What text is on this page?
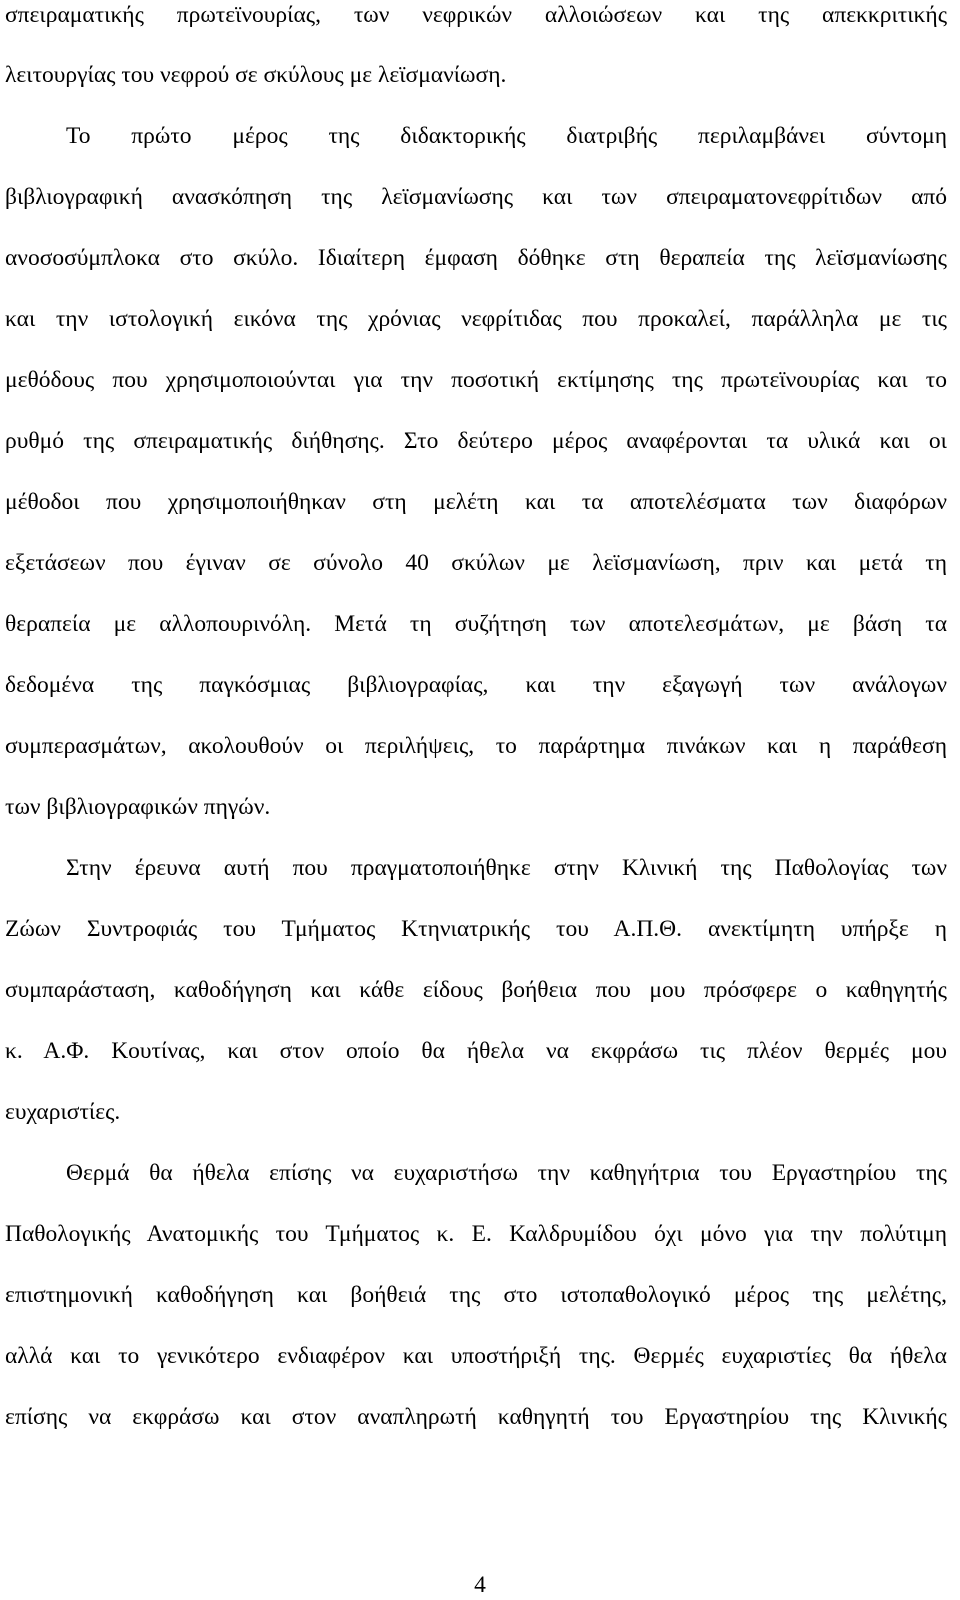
σπειραματικής πρωτεϊνουρίας, των νεφρικών αλλοιώσεων και της απεκκριτικής
λειτουργίας του νεφρού σε σκύλους με λεϊσμανίωση.
Το πρώτο μέρος της διδακτορικής διατριβής περιλαμβάνει σύντομη
βιβλιογραφική ανασκόπηση της λεϊσμανίωσης και των σπειραματονεφρίτιδων από
ανοσοσύμπλοκα στο σκύλο. Ιδιαίτερη έμφαση δόθηκε στη θεραπεία της λεϊσμανίωσης
και την ιστολογική εικόνα της χρόνιας νεφρίτιδας που προκαλεί, παράλληλα με τις
μεθόδους που χρησιμοποιούνται για την ποσοτική εκτίμησης της πρωτεϊνουρίας και το
ρυθμό της σπειραματικής διήθησης. Στο δεύτερο μέρος αναφέρονται τα υλικά και οι
μέθοδοι που χρησιμοποιήθηκαν στη μελέτη και τα αποτελέσματα των διαφόρων
εξετάσεων που έγιναν σε σύνολο 40 σκύλων με λεϊσμανίωση, πριν και μετά τη
θεραπεία με αλλοπουρινόλη. Μετά τη συζήτηση των αποτελεσμάτων, με βάση τα
δεδομένα της παγκόσμιας βιβλιογραφίας, και την εξαγωγή των ανάλογων
συμπερασμάτων, ακολουθούν οι περιλήψεις, το παράρτημα πινάκων και η παράθεση
των βιβλιογραφικών πηγών.
Στην έρευνα αυτή που πραγματοποιήθηκε στην Κλινική της Παθολογίας των
Ζώων Συντροφιάς του Τμήματος Κτηνιατρικής του Α.Π.Θ. ανεκτίμητη υπήρξε η
συμπαράσταση, καθοδήγηση και κάθε είδους βοήθεια που μου πρόσφερε ο καθηγητής
κ. Α.Φ. Κουτίνας, και στον οποίο θα ήθελα να εκφράσω τις πλέον θερμές μου
ευχαριστίες.
Θερμά θα ήθελα επίσης να ευχαριστήσω την καθηγήτρια του Εργαστηρίου της
Παθολογικής Ανατομικής του Τμήματος κ. Ε. Καλδρυμίδου όχι μόνο για την πολύτιμη
επιστημονική καθοδήγηση και βοήθειά της στο ιστοπαθολογικό μέρος της μελέτης,
αλλά και το γενικότερο ενδιαφέρον και υποστήριξή της. Θερμές ευχαριστίες θα ήθελα
επίσης να εκφράσω και στον αναπληρωτή καθηγητή του Εργαστηρίου της Κλινικής
4
